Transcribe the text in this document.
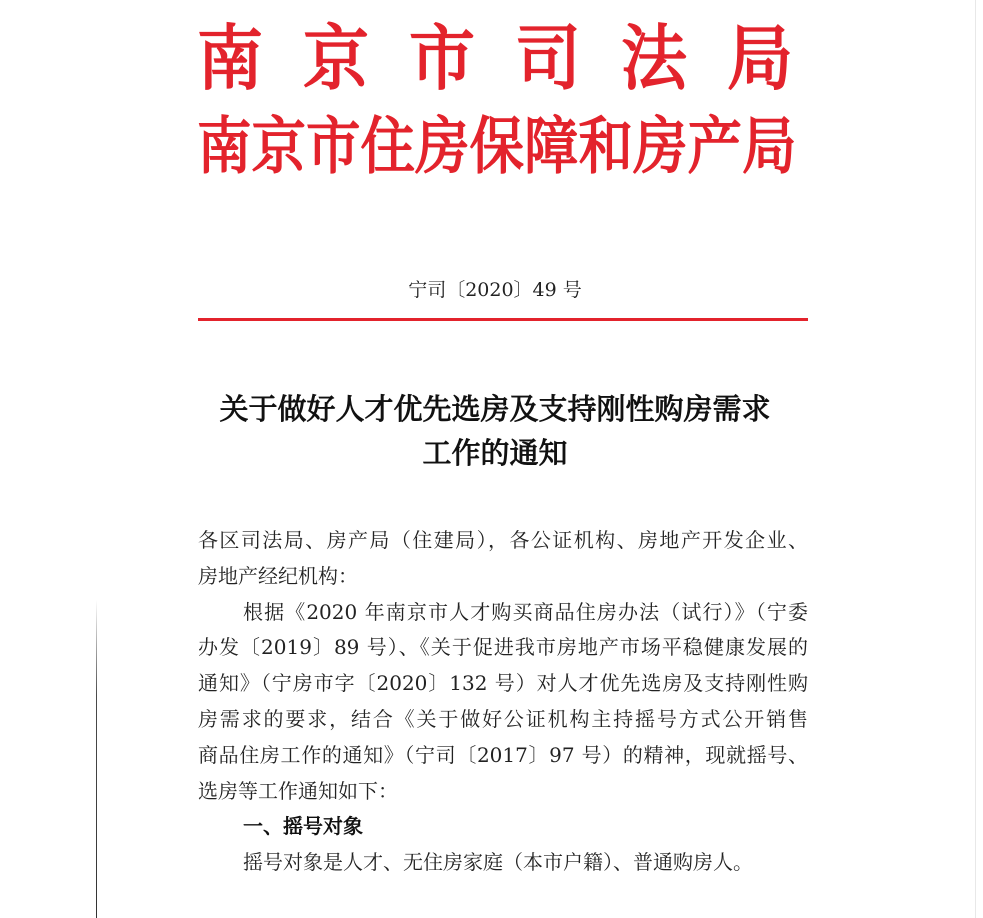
南京市司法局
南京市住房保障和房产局
宁司〔2020〕49 号
关于做好人才优先选房及支持刚性购房需求
工作的通知
各区司法局、房产局（住建局），各公证机构、房地产开发企业、
房地产经纪机构：
根据《2020 年南京市人才购买商品住房办法（试行）》（宁委
办发〔2019〕89 号）、《关于促进我市房地产市场平稳健康发展的
通知》（宁房市字〔2020〕132 号）对人才优先选房及支持刚性购
房需求的要求，结合《关于做好公证机构主持摇号方式公开销售
商品住房工作的通知》（宁司〔2017〕97 号）的精神，现就摇号、
选房等工作通知如下：
一、摇号对象
摇号对象是人才、无住房家庭（本市户籍）、普通购房人。
